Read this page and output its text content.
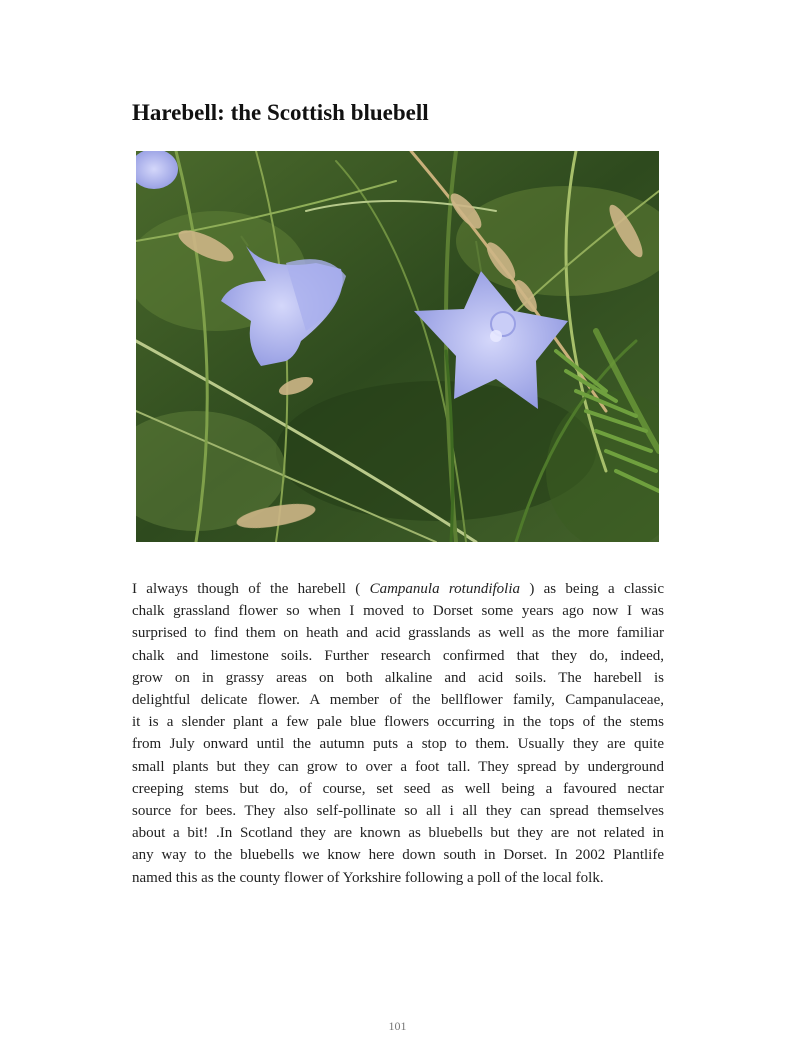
Harebell: the Scottish bluebell
I always though of the harebell ( Campanula rotundifolia ) as being a classic
chalk grassland flower so when I moved to Dorset some years ago now I was
surprised to find them on heath and acid grasslands as well as the more familiar
chalk and limestone soils. Further research confirmed that they do, indeed,
grow on in grassy areas on both alkaline and acid soils. The harebell is
delightful delicate flower. A member of the bellflower family, Campanulaceae,
it is a slender plant a few pale blue flowers occurring in the tops of the stems
from July onward until the autumn puts a stop to them. Usually they are quite
small plants but they can grow to over a foot tall. They spread by underground
creeping stems but do, of course, set seed as well being a favoured nectar
source for bees. They also self-pollinate so all i all they can spread themselves
about a bit! .In Scotland they are known as bluebells but they are not related in
any way to the bluebells we know here down south in Dorset. In 2002 Plantlife
named this as the county flower of Yorkshire following a poll of the local folk.
101
